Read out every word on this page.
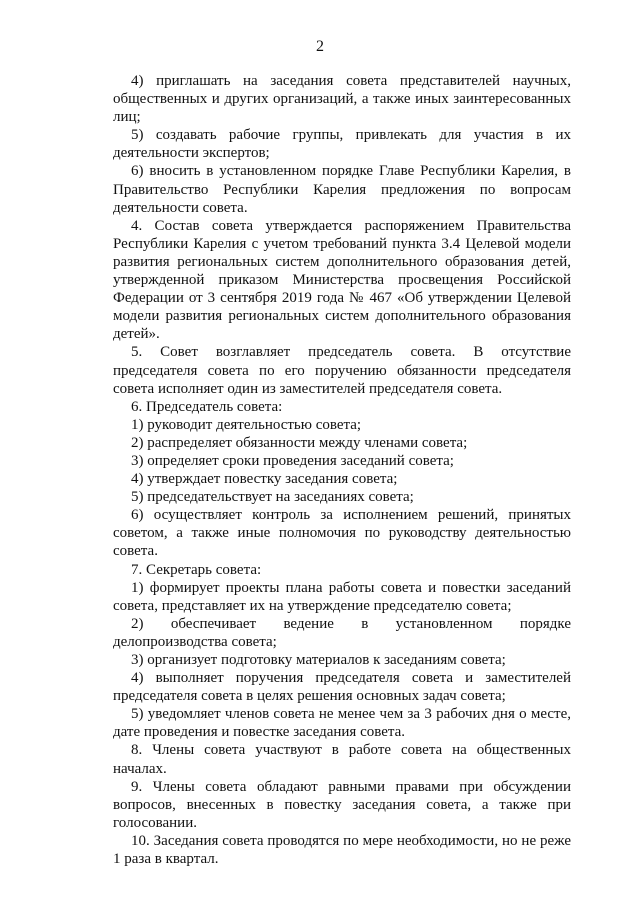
2

4) приглашать на заседания совета представителей научных, общественных и других организаций, а также иных заинтересованных лиц;

5) создавать рабочие группы, привлекать для участия в их деятельности экспертов;

6) вносить в установленном порядке Главе Республики Карелия, в Правительство Республики Карелия предложения по вопросам деятельности совета.

4. Состав совета утверждается распоряжением Правительства Республики Карелия с учетом требований пункта 3.4 Целевой модели развития региональных систем дополнительного образования детей, утвержденной приказом Министерства просвещения Российской Федерации от 3 сентября 2019 года № 467 «Об утверждении Целевой модели развития региональных систем дополнительного образования детей».

5. Совет возглавляет председатель совета. В отсутствие председателя совета по его поручению обязанности председателя совета исполняет один из заместителей председателя совета.

6. Председатель совета:

1) руководит деятельностью совета;

2) распределяет обязанности между членами совета;

3) определяет сроки проведения заседаний совета;

4) утверждает повестку заседания совета;

5) председательствует на заседаниях совета;

6) осуществляет контроль за исполнением решений, принятых советом, а также иные полномочия по руководству деятельностью совета.

7. Секретарь совета:

1) формирует проекты плана работы совета и повестки заседаний совета, представляет их на утверждение председателю совета;

2) обеспечивает ведение в установленном порядке делопроизводства совета;

3) организует подготовку материалов к заседаниям совета;

4) выполняет поручения председателя совета и заместителей председателя совета в целях решения основных задач совета;

5) уведомляет членов совета не менее чем за 3 рабочих дня о месте, дате проведения и повестке заседания совета.

8. Члены совета участвуют в работе совета на общественных началах.

9. Члены совета обладают равными правами при обсуждении вопросов, внесенных в повестку заседания совета, а также при голосовании.

10. Заседания совета проводятся по мере необходимости, но не реже 1 раза в квартал.
